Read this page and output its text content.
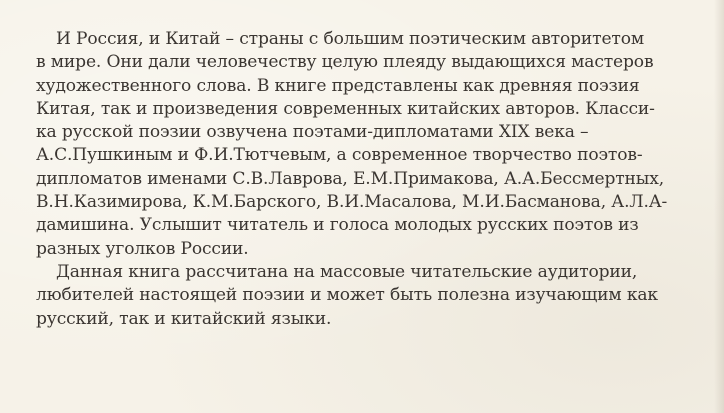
И Россия, и Китай – страны с большим поэтическим авторитетом
в мире. Они дали человечеству целую плеяду выдающихся мастеров
художественного слова. В книге представлены как древняя поэзия
Китая, так и произведения современных китайских авторов. Класси-
ка русской поэзии озвучена поэтами-дипломатами XIX века –
А.С.Пушкиным и Ф.И.Тютчевым, а современное творчество поэтов-
дипломатов именами С.В.Лаврова, Е.М.Примакова, А.А.Бессмертных,
В.Н.Казимирова, К.М.Барского, В.И.Масалова, М.И.Басманова, А.Л.А-
дамишина. Услышит читатель и голоса молодых русских поэтов из
разных уголков России.
Данная книга рассчитана на массовые читательские аудитории,
любителей настоящей поэзии и может быть полезна изучающим как
русский, так и китайский языки.
